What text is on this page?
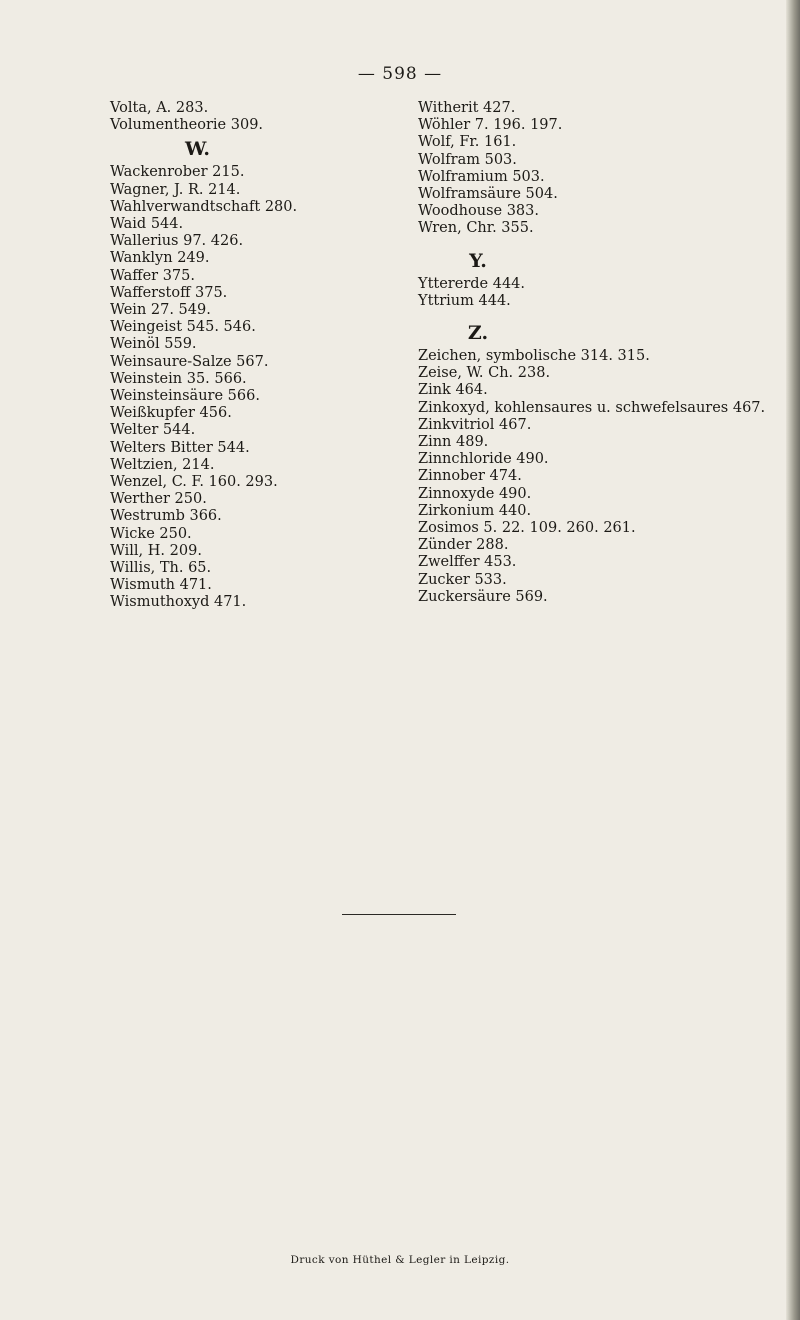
— 598 —
Volta, A. 283.
Volumentheorie 309.
W.
Wackenrober 215.
Wagner, J. R. 214.
Wahlverwandtschaft 280.
Waid 544.
Wallerius 97. 426.
Wanklyn 249.
Waffer 375.
Wafferstoff 375.
Wein 27. 549.
Weingeist 545. 546.
Weinöl 559.
Weinsaure-Salze 567.
Weinstein 35. 566.
Weinsteinsäure 566.
Weißkupfer 456.
Welter 544.
Welters Bitter 544.
Weltzien, 214.
Wenzel, C. F. 160. 293.
Werther 250.
Westrumb 366.
Wicke 250.
Will, H. 209.
Willis, Th. 65.
Wismuth 471.
Wismuthoxyd 471.
Witherit 427.
Wöhler 7. 196. 197.
Wolf, Fr. 161.
Wolfram 503.
Wolframium 503.
Wolframsäure 504.
Woodhouse 383.
Wren, Chr. 355.
Y.
Yttererde 444.
Yttrium 444.
Z.
Zeichen, symbolische 314. 315.
Zeise, W. Ch. 238.
Zink 464.
Zinkoxyd, kohlensaures u. schwefelsaures 467.
Zinkvitriol 467.
Zinn 489.
Zinnchloride 490.
Zinnober 474.
Zinnoxyde 490.
Zirkonium 440.
Zosimos 5. 22. 109. 260. 261.
Zünder 288.
Zwelffer 453.
Zucker 533.
Zuckersäure 569.
Druck von Hüthel & Legler in Leipzig.
